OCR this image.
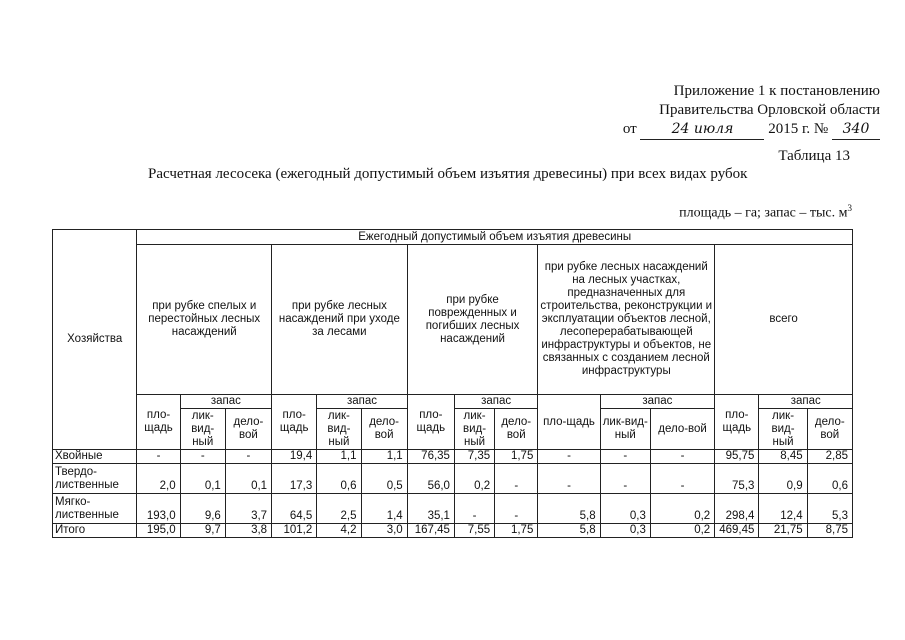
Приложение 1 к постановлению
Правительства Орловской области
от 24 июля 2015 г. № 340
Таблица 13
Расчетная лесосека (ежегодный допустимый объем изъятия древесины) при всех видах рубок
площадь – га; запас – тыс. $м^3$
Хозяйства	Ежегодный допустимый объем изъятия древесины														
	при рубке спелых и перестойных лесных насаждений			при рубке лесных насаждений при уходе за лесами			при рубке поврежденных и погибших лесных насаждений			при рубке лесных насаждений на лесных участках, предназначенных для строительства, реконструкции и эксплуатации объектов лесной, лесоперерабатывающей инфраструктуры и объектов, не связанных с созданием лесной инфраструктуры			всего		
	пло-щадь	запас		пло-щадь	запас		пло-щадь	запас		пло-щадь	запас		пло-щадь	запас	
		лик-вид-ный	дело-вой		лик-вид-ный	дело-вой		лик-вид-ный	дело-вой		лик-вид-ный	дело-вой		лик-вид-ный	дело-вой
Хвойные	-	-	-	19,4	1,1	1,1	76,35	7,35	1,75	-	-	-	95,75	8,45	2,85
Твердо-
лиственные	2,0	0,1	0,1	17,3	0,6	0,5	56,0	0,2	-	-	-	-	75,3	0,9	0,6
Мягко-
лиственные	193,0	9,6	3,7	64,5	2,5	1,4	35,1	-	-	5,8	0,3	0,2	298,4	12,4	5,3
Итого	195,0	9,7	3,8	101,2	4,2	3,0	167,45	7,55	1,75	5,8	0,3	0,2	469,45	21,75	8,75
